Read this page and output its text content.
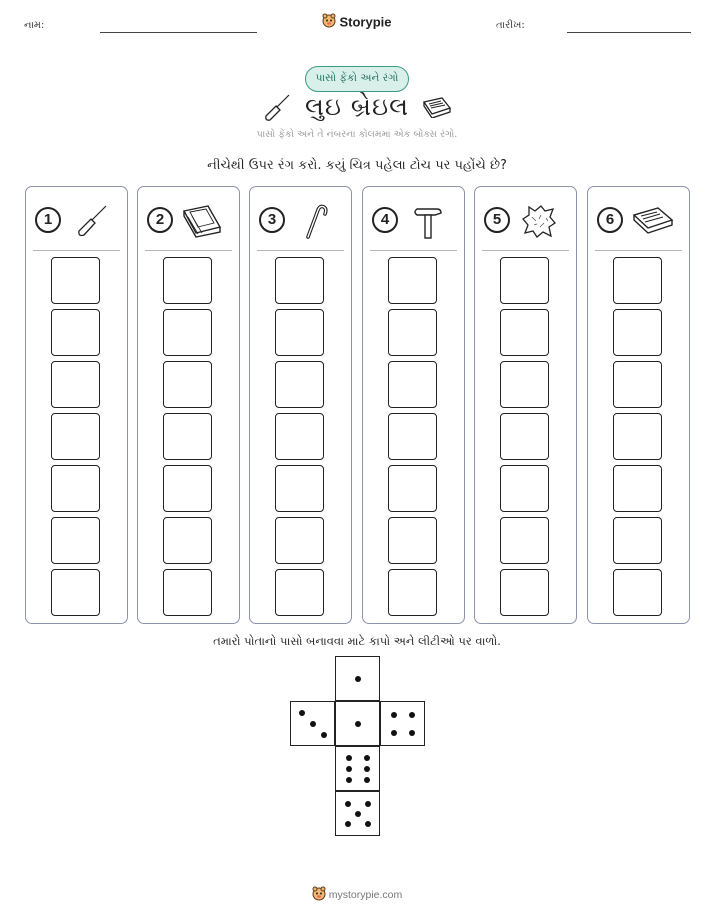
નામ:	Storypie	તારીખ:
પાસો ફેંકો અને રંગો
લુઇ બ્રેઇલ
પાસો ફેંકો અને તે નંબરના કોલમમાં એક બોક્સ રંગો.
નીચેથી ઉપર રંગ કરો. કયું ચિત્ર પહેલા ટોચ પર પહોંચે છે?
1	2	3	4	5	6
તમારો પોતાનો પાસો બનાવવા માટે કાપો અને લીટીઓ પર વાળો.
mystorypie.com
